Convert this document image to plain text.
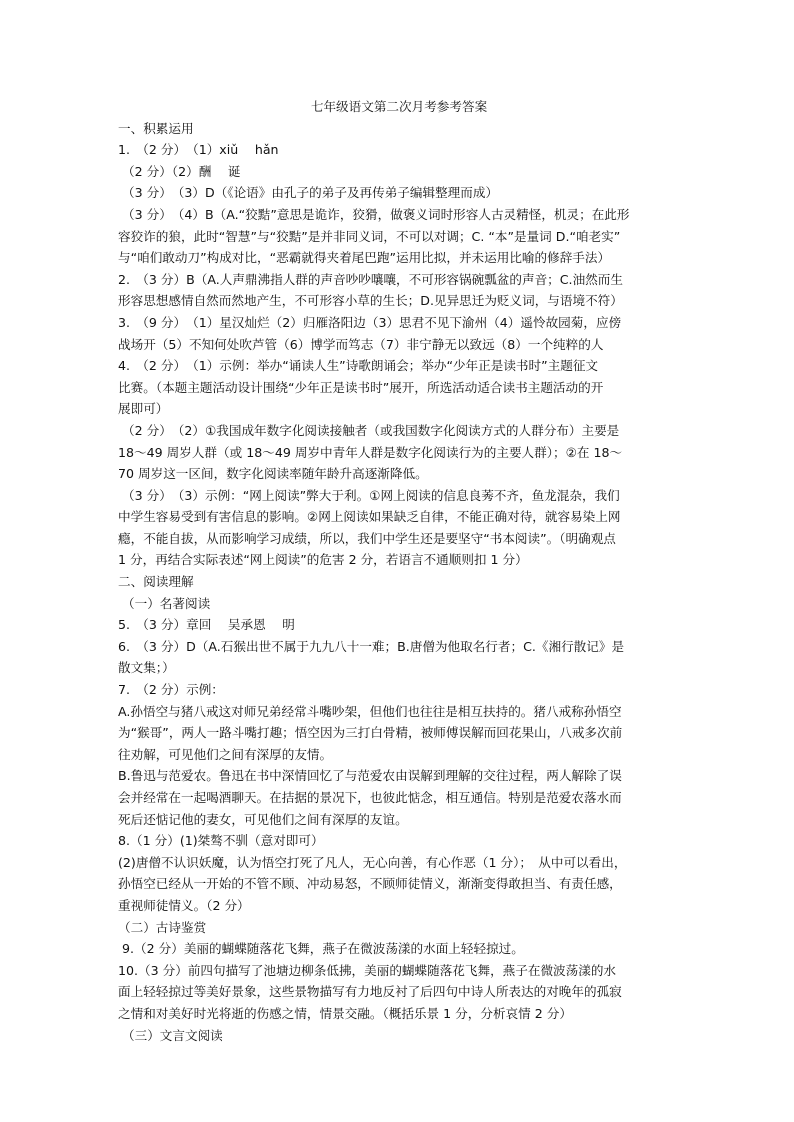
七年级语文第二次月考参考答案
一、积累运用
1.　（2 分）　（1）xiǔ　 hǎn
（2 分）（2）酬　 诞
（3 分）　（3）D（《论语》由孔子的弟子及再传弟子编辑整理而成）
（3 分）　（4）B（A.“狡黠”意思是诡诈，狡猾，做褒义词时形容人古灵精怪，机灵；在此形
容狡诈的狼，此时“智慧”与“狡黠”是并非同义词，不可以对调；C. “本”是量词 D.“咱老实”
与“咱们敢动刀”构成对比，“恶霸就得夹着尾巴跑”运用比拟，并未运用比喻的修辞手法）
2.　（3 分）B（A.人声鼎沸指人群的声音吵吵嚷嚷，不可形容锅碗瓢盆的声音；C.油然而生
形容思想感情自然而然地产生，不可形容小草的生长；D.见异思迁为贬义词，与语境不符）
3.　（9 分）　（1）星汉灿烂（2）归雁洛阳边（3）思君不见下渝州（4）遥怜故园菊，应傍
战场开（5）不知何处吹芦管（6）博学而笃志（7）非宁静无以致远（8）一个纯粹的人
4.　（2 分）　（1）示例：举办“诵读人生”诗歌朗诵会；举办“少年正是读书时”主题征文
比赛。（本题主题活动设计围绕“少年正是读书时”展开，所选活动适合读书主题活动的开
展即可）
（2 分）　（2）①我国成年数字化阅读接触者（或我国数字化阅读方式的人群分布）主要是
18～49 周岁人群（或 18～49 周岁中青年人群是数字化阅读行为的主要人群）；②在 18～
70 周岁这一区间，数字化阅读率随年龄升高逐渐降低。
（3 分）　（3）示例：“网上阅读”弊大于利。①网上阅读的信息良莠不齐，鱼龙混杂，我们
中学生容易受到有害信息的影响。②网上阅读如果缺乏自律，不能正确对待，就容易染上网
瘾，不能自拔，从而影响学习成绩，所以，我们中学生还是要坚守“书本阅读”。（明确观点
1 分，再结合实际表述“网上阅读”的危害 2 分，若语言不通顺则扣 1 分）
二、阅读理解
（一）名著阅读
5.　（3 分）章回　 吴承恩　 明
6.　（3 分）D（A.石猴出世不属于九九八十一难；B.唐僧为他取名行者；C.《湘行散记》是
散文集；）
7.　（2 分）示例：
A.孙悟空与猪八戒这对师兄弟经常斗嘴吵架，但他们也往往是相互扶持的。猪八戒称孙悟空
为“猴哥”，两人一路斗嘴打趣；悟空因为三打白骨精，被师傅误解而回花果山，八戒多次前
往劝解，可见他们之间有深厚的友情。
B.鲁迅与范爱农。鲁迅在书中深情回忆了与范爱农由误解到理解的交往过程，两人解除了误
会并经常在一起喝酒聊天。在拮据的景况下，也彼此惦念，相互通信。特别是范爱农落水而
死后还惦记他的妻女，可见他们之间有深厚的友谊。
8.（1 分）(1)桀骜不驯（意对即可）
(2)唐僧不认识妖魔，认为悟空打死了凡人，无心向善，有心作恶（1 分）；　从中可以看出，
孙悟空已经从一开始的不管不顾、冲动易怒，不顾师徒情义，渐渐变得敢担当、有责任感，
重视师徒情义。（2 分）
（二）古诗鉴赏
9.（2 分）美丽的蝴蝶随落花飞舞，燕子在微波荡漾的水面上轻轻掠过。
10.（3 分）前四句描写了池塘边柳条低拂，美丽的蝴蝶随落花飞舞，燕子在微波荡漾的水
面上轻轻掠过等美好景象，这些景物描写有力地反衬了后四句中诗人所表达的对晚年的孤寂
之情和对美好时光将逝的伤感之情，情景交融。（概括乐景 1 分，分析哀情 2 分）
（三）文言文阅读
